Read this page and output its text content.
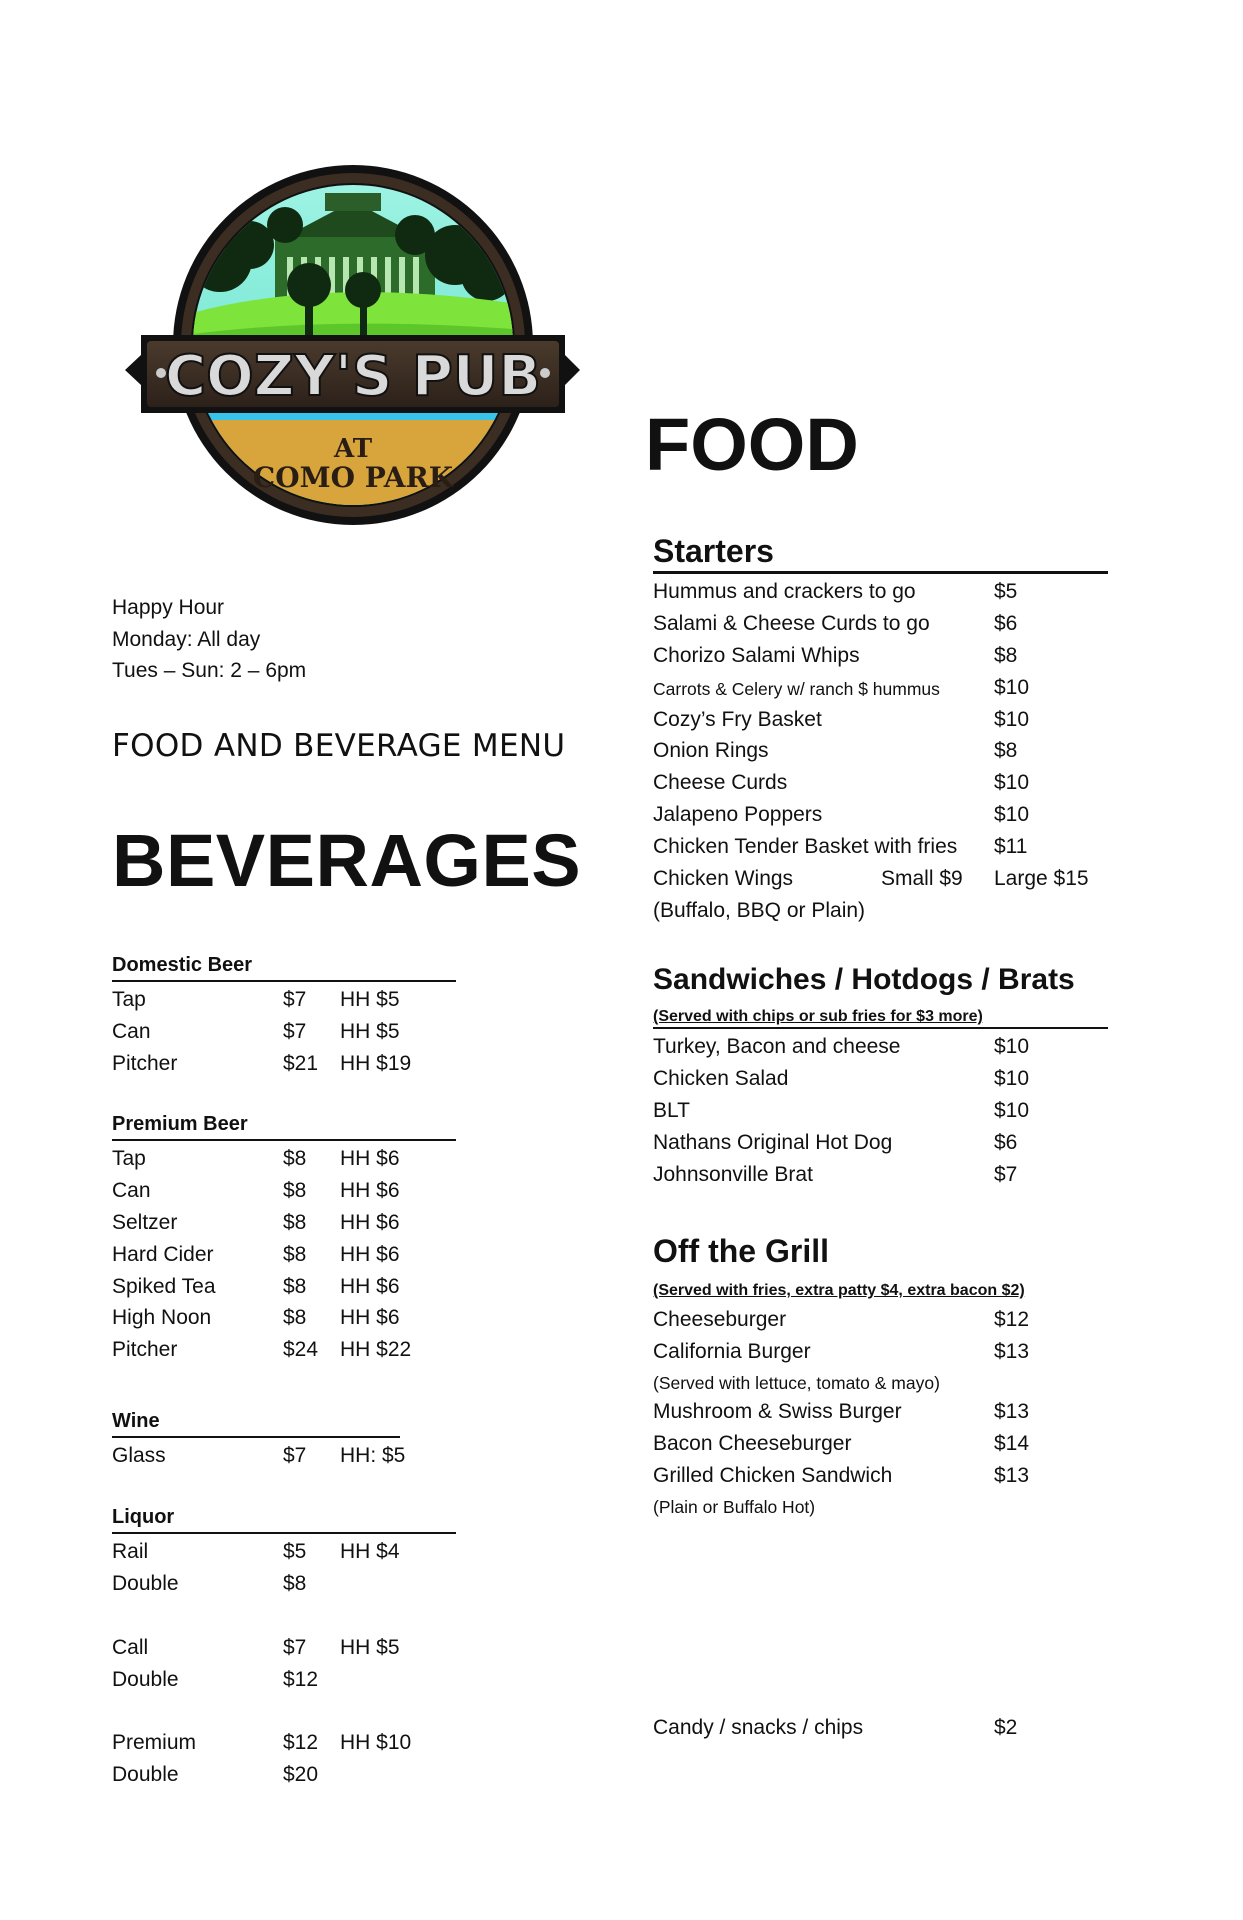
COZY'S PUB
AT
COMO PARK
Happy Hour
Monday: All day
Tues – Sun: 2 – 6pm
FOOD AND BEVERAGE MENU
BEVERAGES
Domestic Beer
Tap	$7 HH $5
Can	$7 HH $5
Pitcher	$21 HH $19
Premium Beer
Tap	$8 HH $6
Can	$8 HH $6
Seltzer	$8 HH $6
Hard Cider	$8 HH $6
Spiked Tea	$8 HH $6
High Noon	$8 HH $6
Pitcher	$24 HH $22
Wine
Glass	$7 HH: $5
Liquor
Rail	$5 HH $4
Double	$8
Call	$7 HH $5
Double	$12
Premium	$12 HH $10
Double	$20
FOOD
Starters
Hummus and crackers to go	$5
Salami & Cheese Curds to go	$6
Chorizo Salami Whips	$8
Carrots & Celery w/ ranch $ hummus	$10
Cozy’s Fry Basket	$10
Onion Rings	$8
Cheese Curds	$10
Jalapeno Poppers	$10
Chicken Tender Basket with fries $11
Chicken Wings	Small $9 Large $15
(Buffalo, BBQ or Plain)
Sandwiches / Hotdogs / Brats
(Served with chips or sub fries for $3 more)
Turkey, Bacon and cheese	$10
Chicken Salad	$10
BLT	$10
Nathans Original Hot Dog	$6
Johnsonville Brat	$7
Off the Grill
(Served with fries, extra patty $4, extra bacon $2)
Cheeseburger	$12
California Burger	$13
(Served with lettuce, tomato & mayo)
Mushroom & Swiss Burger	$13
Bacon Cheeseburger	$14
Grilled Chicken Sandwich	$13
(Plain or Buffalo Hot)
Candy / snacks / chips	$2
